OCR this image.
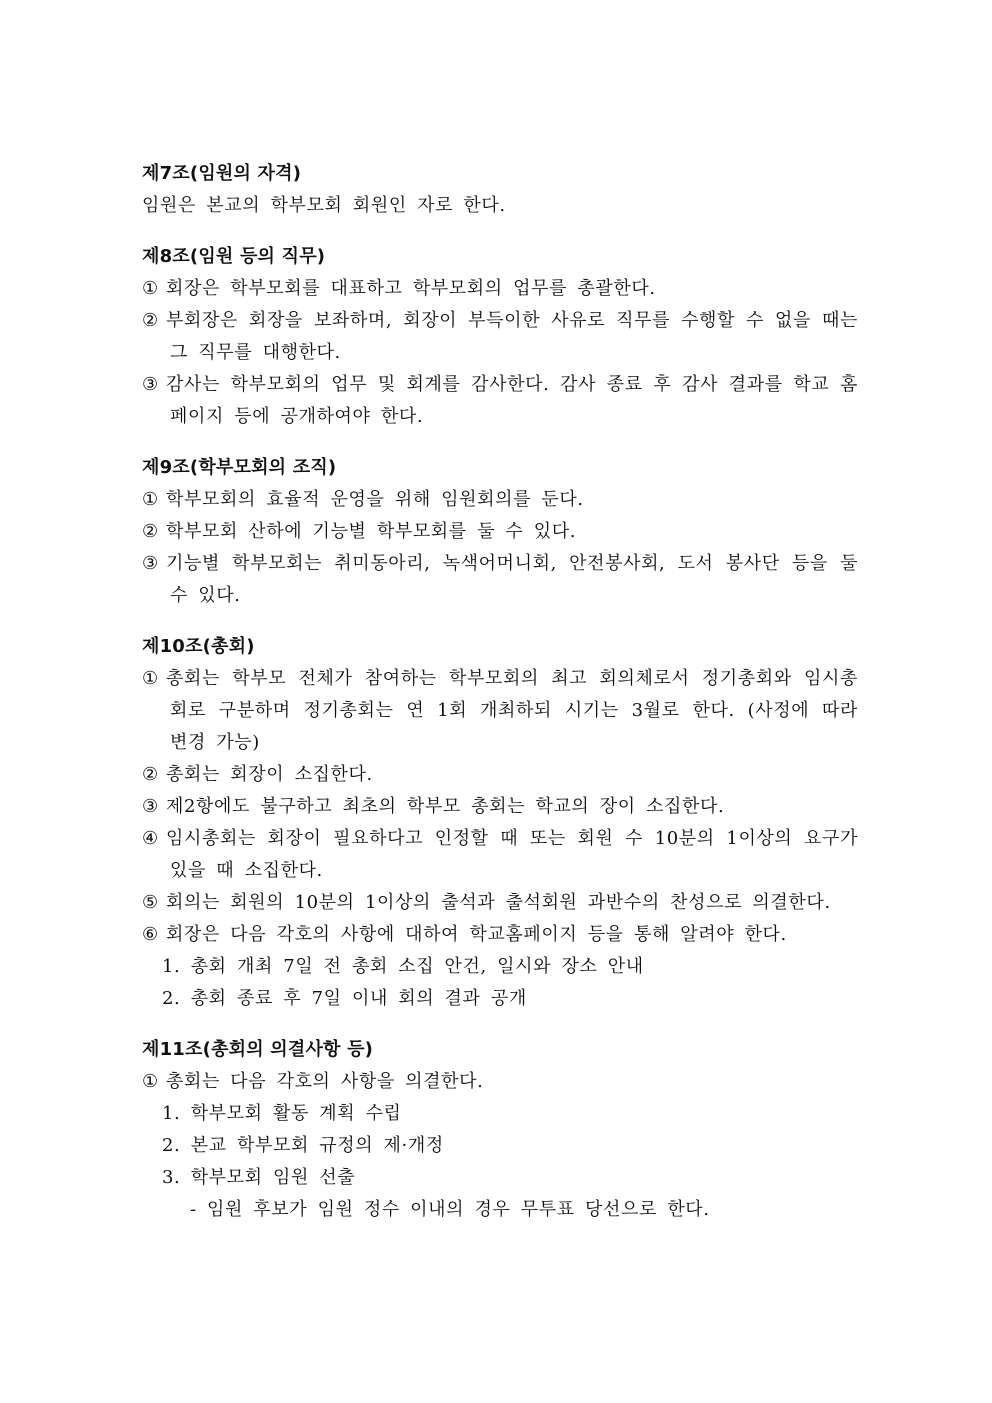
제7조(임원의 자격)
임원은 본교의 학부모회 회원인 자로 한다.
제8조(임원 등의 직무)
① 회장은 학부모회를 대표하고 학부모회의 업무를 총괄한다.
② 부회장은 회장을 보좌하며, 회장이 부득이한 사유로 직무를 수행할 수 없을 때는 그 직무를 대행한다.
③ 감사는 학부모회의 업무 및 회계를 감사한다. 감사 종료 후 감사 결과를 학교 홈페이지 등에 공개하여야 한다.
제9조(학부모회의 조직)
① 학부모회의 효율적 운영을 위해 임원회의를 둔다.
② 학부모회 산하에 기능별 학부모회를 둘 수 있다.
③ 기능별 학부모회는 취미동아리, 녹색어머니회, 안전봉사회, 도서 봉사단 등을 둘 수 있다.
제10조(총회)
① 총회는 학부모 전체가 참여하는 학부모회의 최고 회의체로서 정기총회와 임시총회로 구분하며 정기총회는 연 1회 개최하되 시기는 3월로 한다. (사정에 따라 변경 가능)
② 총회는 회장이 소집한다.
③ 제2항에도 불구하고 최초의 학부모 총회는 학교의 장이 소집한다.
④ 임시총회는 회장이 필요하다고 인정할 때 또는 회원 수 10분의 1이상의 요구가 있을 때 소집한다.
⑤ 회의는 회원의 10분의 1이상의 출석과 출석회원 과반수의 찬성으로 의결한다.
⑥ 회장은 다음 각호의 사항에 대하여 학교홈페이지 등을 통해 알려야 한다.
1. 총회 개최 7일 전 총회 소집 안건, 일시와 장소 안내
2. 총회 종료 후 7일 이내 회의 결과 공개
제11조(총회의 의결사항 등)
① 총회는 다음 각호의 사항을 의결한다.
1. 학부모회 활동 계획 수립
2. 본교 학부모회 규정의 제·개정
3. 학부모회 임원 선출
- 임원 후보가 임원 정수 이내의 경우 무투표 당선으로 한다.
